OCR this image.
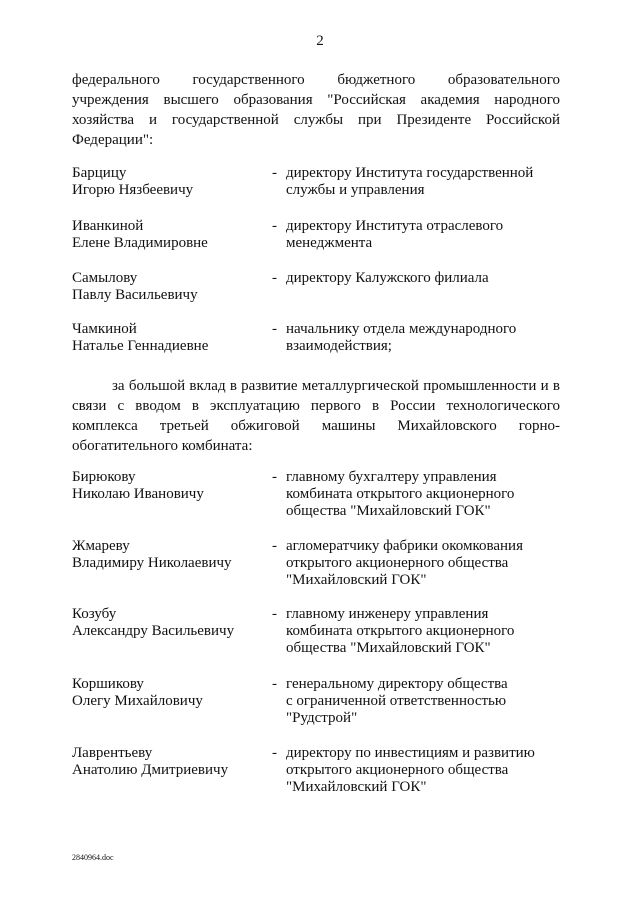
2
федерального государственного бюджетного образовательного
учреждения высшего образования "Российская академия народного
хозяйства и государственной службы при Президенте Российской
Федерации":
Барцицу
Игорю Нязбеевичу
- директору Института государственной
службы и управления
Иванкиной
Елене Владимировне
- директору Института отраслевого
менеджмента
Самылову
Павлу Васильевичу
- директору Калужского филиала
Чамкиной
Наталье Геннадиевне
- начальнику отдела международного
взаимодействия;
за большой вклад в развитие металлургической промышленности и в
связи с вводом в эксплуатацию первого в России технологического
комплекса третьей обжиговой машины Михайловского горно-
обогатительного комбината:
Бирюкову
Николаю Ивановичу
- главному бухгалтеру управления
комбината открытого акционерного
общества "Михайловский ГОК"
Жмареву
Владимиру Николаевичу
- агломератчику фабрики окомкования
открытого акционерного общества
"Михайловский ГОК"
Козубу
Александру Васильевичу
- главному инженеру управления
комбината открытого акционерного
общества "Михайловский ГОК"
Коршикову
Олегу Михайловичу
- генеральному директору общества
с ограниченной ответственностью
"Рудстрой"
Лаврентьеву
Анатолию Дмитриевичу
- директору по инвестициям и развитию
открытого акционерного общества
"Михайловский ГОК"
2840964.doc
